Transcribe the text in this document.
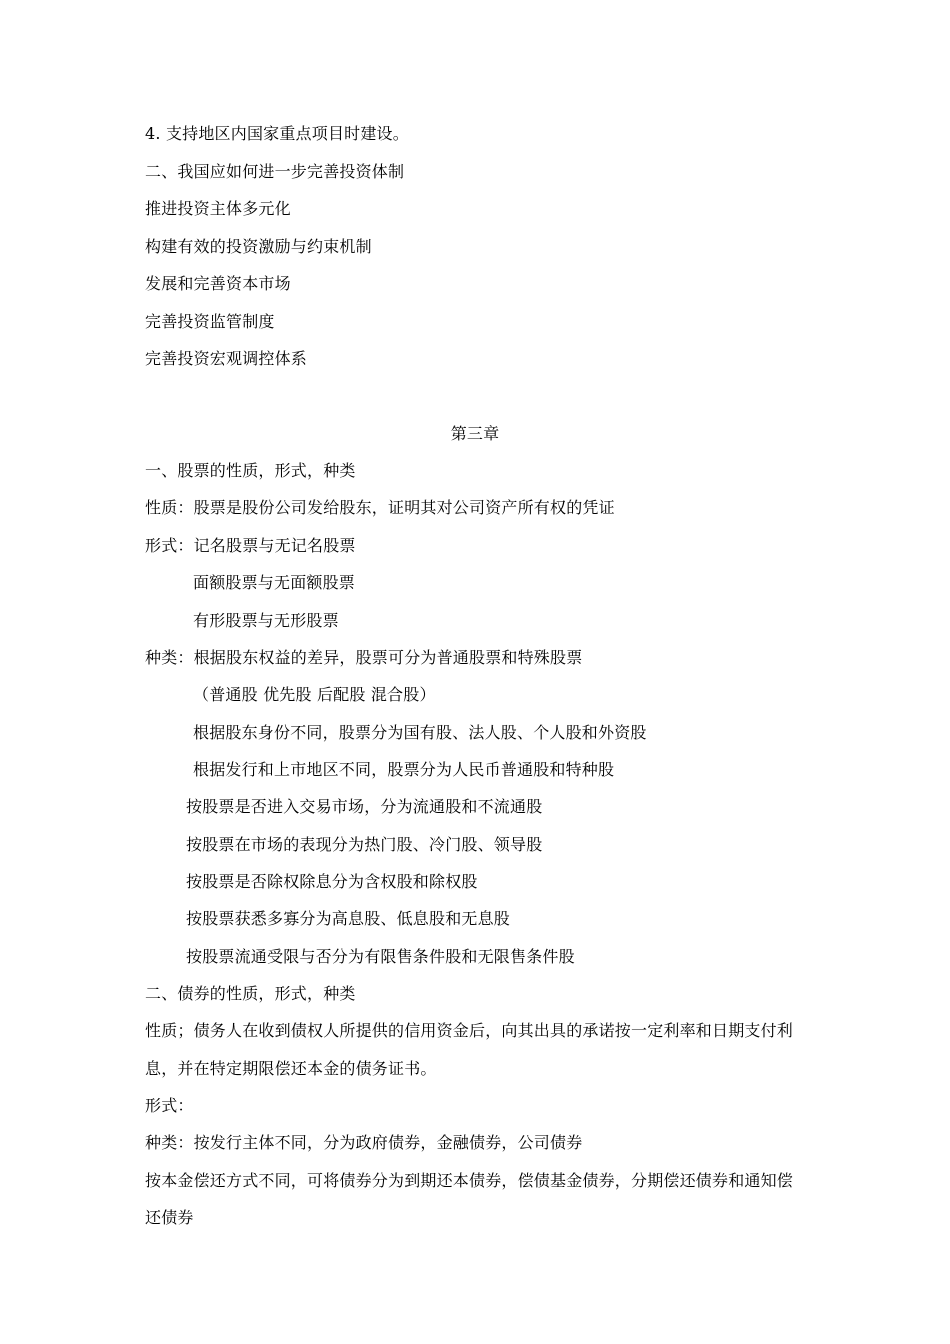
4. 支持地区内国家重点项目时建设。
二、我国应如何进一步完善投资体制
推进投资主体多元化
构建有效的投资激励与约束机制
发展和完善资本市场
完善投资监管制度
完善投资宏观调控体系
第三章
一、股票的性质，形式，种类
性质：股票是股份公司发给股东，证明其对公司资产所有权的凭证
形式：记名股票与无记名股票
面额股票与无面额股票
有形股票与无形股票
种类：根据股东权益的差异，股票可分为普通股票和特殊股票
（普通股 优先股 后配股 混合股）
根据股东身份不同，股票分为国有股、法人股、个人股和外资股
根据发行和上市地区不同，股票分为人民币普通股和特种股
按股票是否进入交易市场，分为流通股和不流通股
按股票在市场的表现分为热门股、冷门股、领导股
按股票是否除权除息分为含权股和除权股
按股票获悉多寡分为高息股、低息股和无息股
按股票流通受限与否分为有限售条件股和无限售条件股
二、债券的性质，形式，种类
性质；债务人在收到债权人所提供的信用资金后，向其出具的承诺按一定利率和日期支付利
息，并在特定期限偿还本金的债务证书。
形式：
种类：按发行主体不同，分为政府债券，金融债券，公司债券
按本金偿还方式不同，可将债券分为到期还本债券，偿债基金债券，分期偿还债券和通知偿
还债券
